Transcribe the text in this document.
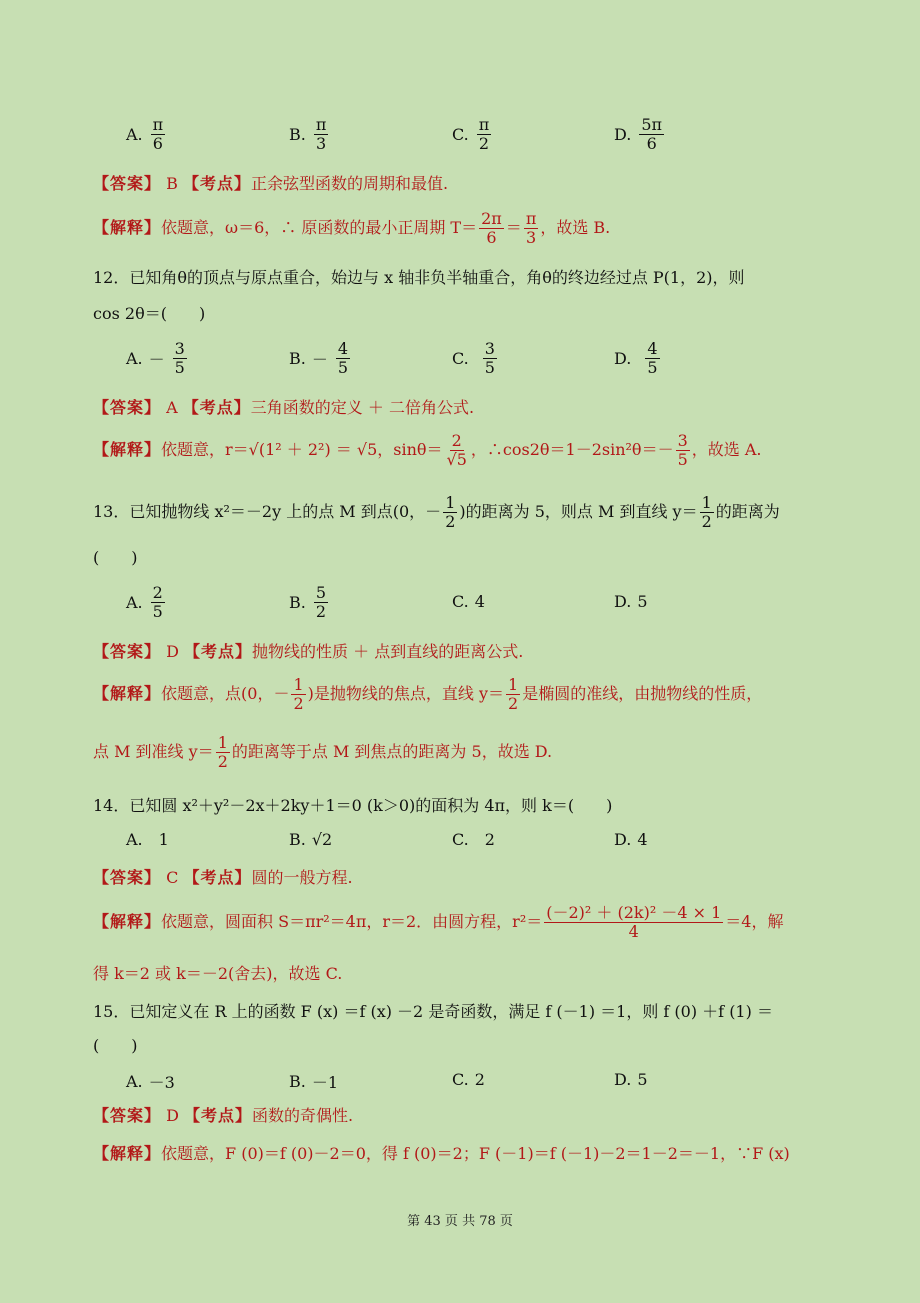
A. $\frac{\pi}{6}$	B. $\frac{\pi}{3}$	C. $\frac{\pi}{2}$	D. $\frac{5\pi}{6}$
【答案】 B 【考点】正余弦型函数的周期和最值.
【解释】 依题意，ω＝6，∴ 原函数的最小正周期 $T= \frac{2\pi}{6} = \frac{\pi}{3}$ ，故选 B.
12．已知角θ的顶点与原点重合，始边与 x 轴非负半轴重合，角θ的终边经过点 P(1，2)，则
cos 2θ＝(　　)
A. － $\frac{3}{5}$	B. － $\frac{4}{5}$	C. $\frac{3}{5}$	D. $\frac{4}{5}$
【答案】 A 【考点】三角函数的定义 ＋ 二倍角公式.
【解释】 依题意，r＝√(1² ＋ 2²) ＝ √5，$\sin\theta= \frac{2}{√5}$ ，∴cos2θ＝1－2sin²θ＝－ $\frac{3}{5}$ ，故选 A.
13．已知抛物线 x²＝－2y 上的点 M 到点 (0，－ $\frac{1}{2}$ ) 的距离为 5，则点 M 到直线 $y= \frac{1}{2}$ 的距离为
(　　)
A. $\frac{2}{5}$	B. $\frac{5}{2}$	C. 4	D. 5
【答案】 D 【考点】抛物线的性质 ＋ 点到直线的距离公式.
【解释】 依题意，点 (0，－ $\frac{1}{2}$ ) 是抛物线的焦点，直线 $y= \frac{1}{2}$ 是椭圆的准线，由抛物线的性质，
点 M 到准线 $y= \frac{1}{2}$ 的距离等于点 M 到焦点的距离为 5，故选 D.
14．已知圆 x²＋y²－2x＋2ky＋1＝0 (k＞0)的面积为 4π，则 k＝(　　)
A. 1	B. √2	C. 2	D. 4
【答案】 C 【考点】圆的一般方程.
【解释】 依题意，圆面积 S＝πr²＝4π，r＝2．由圆方程，$r^2= \frac{\text{(－2)² ＋ (2k)² －4 × 1}}{4} =4$，解
得 k＝2 或 k＝－2(舍去)，故选 C.
15．已知定义在 R 上的函数 F (x) ＝f (x) －2 是奇函数，满足 f (－1) ＝1，则 f (0) ＋f (1) ＝
(　　)
A. －3	B. －1	C. 2	D. 5
【答案】 D 【考点】函数的奇偶性.
【解释】依题意，F (0)＝f (0)－2＝0，得 f (0)＝2；F (－1)＝f (－1)－2＝1－2＝－1，∵F (x)
第 43 页 共 78 页
